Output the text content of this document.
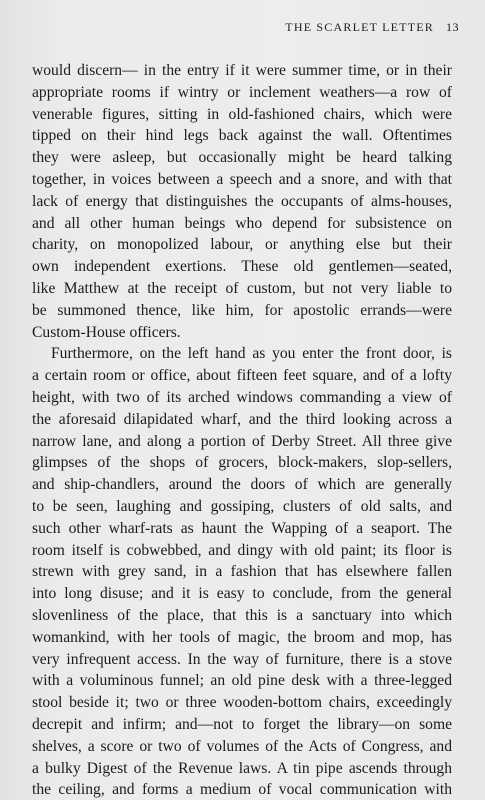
THE SCARLET LETTER 13
would discern— in the entry if it were summer time, or in their
appropriate rooms if wintry or inclement weathers—a row of
venerable figures, sitting in old-fashioned chairs, which were
tipped on their hind legs back against the wall. Oftentimes
they were asleep, but occasionally might be heard talking
together, in voices between a speech and a snore, and with that
lack of energy that distinguishes the occupants of alms-houses,
and all other human beings who depend for subsistence on
charity, on monopolized labour, or anything else but their
own independent exertions. These old gentlemen—seated,
like Matthew at the receipt of custom, but not very liable to
be summoned thence, like him, for apostolic errands—were
Custom-House officers.
Furthermore, on the left hand as you enter the front door, is
a certain room or office, about fifteen feet square, and of a lofty
height, with two of its arched windows commanding a view of
the aforesaid dilapidated wharf, and the third looking across a
narrow lane, and along a portion of Derby Street. All three give
glimpses of the shops of grocers, block-makers, slop-sellers,
and ship-chandlers, around the doors of which are generally
to be seen, laughing and gossiping, clusters of old salts, and
such other wharf-rats as haunt the Wapping of a seaport. The
room itself is cobwebbed, and dingy with old paint; its floor is
strewn with grey sand, in a fashion that has elsewhere fallen
into long disuse; and it is easy to conclude, from the general
slovenliness of the place, that this is a sanctuary into which
womankind, with her tools of magic, the broom and mop, has
very infrequent access. In the way of furniture, there is a stove
with a voluminous funnel; an old pine desk with a three-legged
stool beside it; two or three wooden-bottom chairs, exceedingly
decrepit and infirm; and—not to forget the library—on some
shelves, a score or two of volumes of the Acts of Congress, and
a bulky Digest of the Revenue laws. A tin pipe ascends through
the ceiling, and forms a medium of vocal communication with
